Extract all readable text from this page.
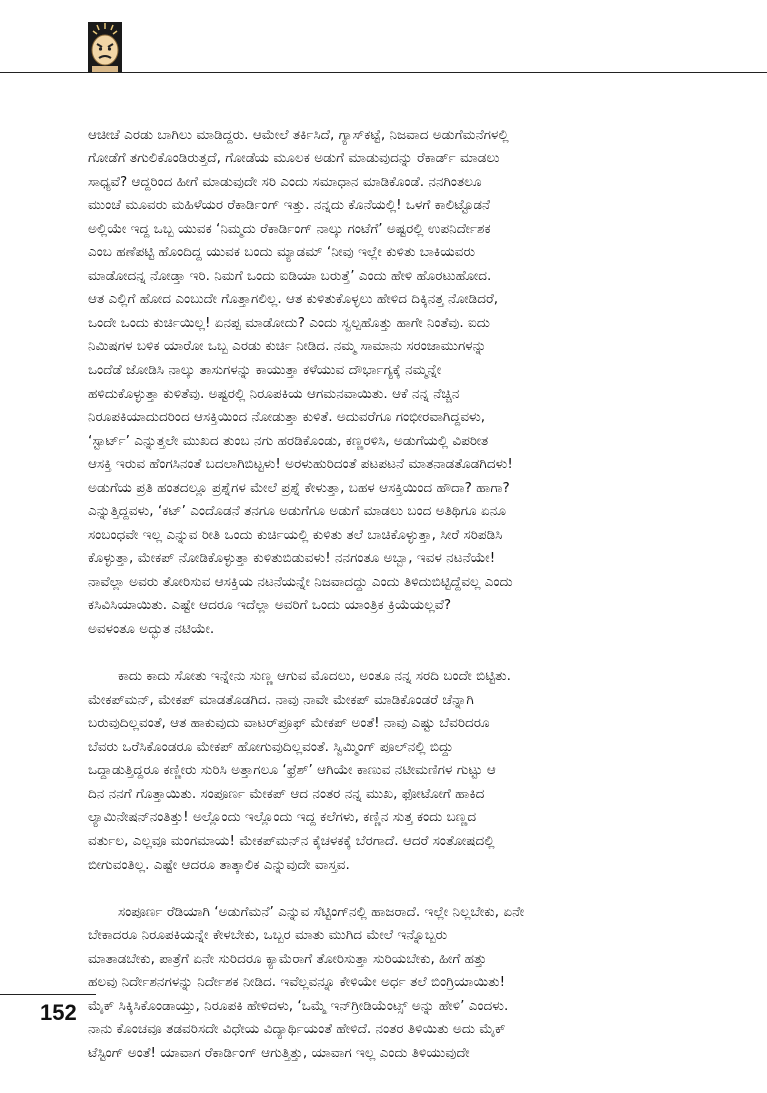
ಆಚೀಚೆ ಎರಡು ಬಾಗಿಲು ಮಾಡಿದ್ದರು. ಆಮೇಲೆ ತರ್ಕಿಸಿದೆ, ಗ್ಯಾಸ್‌ಕಟ್ಟೆ, ನಿಜವಾದ ಅಡುಗೆಮನೆಗಳಲ್ಲಿ
ಗೋಡೆಗೆ ತಗುಲಿಕೊಂಡಿರುತ್ತದೆ, ಗೋಡೆಯ ಮೂಲಕ ಅಡುಗೆ ಮಾಡುವುದನ್ನು ರೆಕಾರ್ಡ್ ಮಾಡಲು
ಸಾಧ್ಯವೆ? ಆದ್ದರಿಂದ ಹೀಗೆ ಮಾಡುವುದೇ ಸರಿ ಎಂದು ಸಮಾಧಾನ ಮಾಡಿಕೊಂಡೆ. ನನಗಿಂತಲೂ
ಮುಂಚೆ ಮೂವರು ಮಹಿಳೆಯರ ರೆಕಾರ್ಡಿಂಗ್ ಇತ್ತು. ನನ್ನದು ಕೊನೆಯಲ್ಲಿ! ಒಳಗೆ ಕಾಲಿಟ್ಟೊಡನೆ
ಅಲ್ಲಿಯೇ ಇದ್ದ ಒಬ್ಬ ಯುವಕ ‘ನಿಮ್ಮದು ರೆಕಾರ್ಡಿಂಗ್ ನಾಲ್ಕು ಗಂಟೆಗೆ’ ಅಷ್ಟರಲ್ಲಿ ಉಪನಿರ್ದೇಶಕ
ಎಂಬ ಹಣೆಪಟ್ಟಿ ಹೊಂದಿದ್ದ ಯುವಕ ಬಂದು ಮ್ಯಾಡಮ್ ‘ನೀವು ಇಲ್ಲೇ ಕುಳಿತು ಬಾಕಿಯವರು
ಮಾಡೋದನ್ನ ನೋಡ್ತಾ ಇರಿ. ನಿಮಗೆ ಒಂದು ಐಡಿಯಾ ಬರುತ್ತೆ’ ಎಂದು ಹೇಳಿ ಹೊರಟುಹೋದ.
ಆತ ಎಲ್ಲಿಗೆ ಹೋದ ಎಂಬುದೇ ಗೊತ್ತಾಗಲಿಲ್ಲ. ಆತ ಕುಳಿತುಕೊಳ್ಳಲು ಹೇಳಿದ ದಿಕ್ಕಿನತ್ತ ನೋಡಿದರೆ,
ಒಂದೇ ಒಂದು ಕುರ್ಚಿಯಿಲ್ಲ! ಏನಪ್ಪ ಮಾಡೋದು? ಎಂದು ಸ್ವಲ್ಪಹೊತ್ತು ಹಾಗೇ ನಿಂತೆವು. ಐದು
ನಿಮಿಷಗಳ ಬಳಿಕ ಯಾರೋ ಒಬ್ಬ ಎರಡು ಕುರ್ಚಿ ನೀಡಿದ. ನಮ್ಮ ಸಾಮಾನು ಸರಂಜಾಮುಗಳನ್ನು
ಒಂದೆಡೆ ಜೋಡಿಸಿ ನಾಲ್ಕು ತಾಸುಗಳನ್ನು ಕಾಯುತ್ತಾ ಕಳೆಯುವ ದೌರ್ಭಾಗ್ಯಕ್ಕೆ ನಮ್ಮನ್ನೇ
ಹಳಿದುಕೊಳ್ಳುತ್ತಾ ಕುಳಿತೆವು. ಅಷ್ಟರಲ್ಲಿ ನಿರೂಪಕಿಯ ಆಗಮನವಾಯಿತು. ಆಕೆ ನನ್ನ ನೆಚ್ಚಿನ
ನಿರೂಪಕಿಯಾದುದರಿಂದ ಆಸಕ್ತಿಯಿಂದ ನೋಡುತ್ತಾ ಕುಳಿತೆ. ಅದುವರೆಗೂ ಗಂಭೀರವಾಗಿದ್ದವಳು,
‘ಸ್ಟಾರ್ಟ್’ ಎನ್ನುತ್ತಲೇ ಮುಖದ ತುಂಬ ನಗು ಹರಡಿಕೊಂಡು, ಕಣ್ಣರಳಿಸಿ, ಅಡುಗೆಯಲ್ಲಿ ವಿಪರೀತ
ಆಸಕ್ತಿ ಇರುವ ಹೆಂಗಸಿನಂತೆ ಬದಲಾಗಿಬಿಟ್ಟಳು! ಅರಳುಹುರಿದಂತೆ ಪಟಪಟನೆ ಮಾತನಾಡತೊಡಗಿದಳು!
ಅಡುಗೆಯ ಪ್ರತಿ ಹಂತದಲ್ಲೂ ಪ್ರಶ್ನೆಗಳ ಮೇಲೆ ಪ್ರಶ್ನೆ ಕೇಳುತ್ತಾ, ಬಹಳ ಆಸಕ್ತಿಯಿಂದ ಹೌದಾ? ಹಾಗಾ?
ಎನ್ನುತ್ತಿದ್ದವಳು, ‘ಕಟ್’ ಎಂದೊಡನೆ ತನಗೂ ಅಡುಗೆಗೂ ಅಡುಗೆ ಮಾಡಲು ಬಂದ ಅತಿಥಿಗೂ ಏನೂ
ಸಂಬಂಧವೇ ಇಲ್ಲ ಎನ್ನುವ ರೀತಿ ಒಂದು ಕುರ್ಚಿಯಲ್ಲಿ ಕುಳಿತು ತಲೆ ಬಾಚಿಕೊಳ್ಳುತ್ತಾ, ಸೀರೆ ಸರಿಪಡಿಸಿ
ಕೊಳ್ಳುತ್ತಾ, ಮೇಕಪ್ ನೋಡಿಕೊಳ್ಳುತ್ತಾ ಕುಳಿತುಬಿಡುವಳು! ನನಗಂತೂ ಅಬ್ಬಾ, ಇವಳ ನಟನೆಯೇ!
ನಾವೆಲ್ಲಾ ಅವರು ತೋರಿಸುವ ಆಸಕ್ತಿಯ ನಟನೆಯನ್ನೇ ನಿಜವಾದದ್ದು ಎಂದು ತಿಳಿದುಬಿಟ್ಟಿದ್ದೆವಲ್ಲ ಎಂದು
ಕಸಿವಿಸಿಯಾಯಿತು. ಎಷ್ಟೇ ಆದರೂ ಇದೆಲ್ಲಾ ಅವರಿಗೆ ಒಂದು ಯಾಂತ್ರಿಕ ಕ್ರಿಯೆಯಲ್ಲವೆ?
ಅವಳಂತೂ ಅದ್ಭುತ ನಟಿಯೇ.

ಕಾದು ಕಾದು ಸೋತು ಇನ್ನೇನು ಸುಣ್ಣ ಆಗುವ ಮೊದಲು, ಅಂತೂ ನನ್ನ ಸರದಿ ಬಂದೇ ಬಿಟ್ಟಿತು.
ಮೇಕಪ್‌ಮನ್, ಮೇಕಪ್ ಮಾಡತೊಡಗಿದ. ನಾವು ನಾವೇ ಮೇಕಪ್ ಮಾಡಿಕೊಂಡರೆ ಚೆನ್ನಾಗಿ
ಬರುವುದಿಲ್ಲವಂತೆ, ಆತ ಹಾಕುವುದು ವಾಟರ್‌ಪ್ರೂಫ್ ಮೇಕಪ್ ಅಂತೆ! ನಾವು ಎಷ್ಟು ಬೆವರಿದರೂ
ಬೆವರು ಒರೆಸಿಕೊಂಡರೂ ಮೇಕಪ್ ಹೋಗುವುದಿಲ್ಲವಂತೆ. ಸ್ವಿಮ್ಮಿಂಗ್ ಪೂಲ್‌ನಲ್ಲಿ ಬಿದ್ದು
ಒದ್ದಾಡುತ್ತಿದ್ದರೂ ಕಣ್ಣೀರು ಸುರಿಸಿ ಅತ್ತಾಗಲೂ ‘ಫ್ರೆಶ್’ ಆಗಿಯೇ ಕಾಣುವ ನಟೀಮಣಿಗಳ ಗುಟ್ಟು ಆ
ದಿನ ನನಗೆ ಗೊತ್ತಾಯಿತು. ಸಂಪೂರ್ಣ ಮೇಕಪ್ ಆದ ನಂತರ ನನ್ನ ಮುಖ, ಫೋಟೋಗೆ ಹಾಕಿದ
ಲ್ಯಾಮಿನೇಷನ್‌ನಂತಿತ್ತು! ಅಲ್ಲೊಂದು ಇಲ್ಲೊಂದು ಇದ್ದ ಕಲೆಗಳು, ಕಣ್ಣಿನ ಸುತ್ತ ಕಂದು ಬಣ್ಣದ
ವರ್ತುಲ, ಎಲ್ಲವೂ ಮಂಗಮಾಯ! ಮೇಕಪ್‌ಮನ್‌ನ ಕೈಚಳಕಕ್ಕೆ ಬೆರಗಾದೆ. ಆದರೆ ಸಂತೋಷದಲ್ಲಿ
ಬೀಗುವಂತಿಲ್ಲ. ಎಷ್ಟೇ ಆದರೂ ತಾತ್ಕಾಲಿಕ ಎನ್ನುವುದೇ ವಾಸ್ತವ.

ಸಂಪೂರ್ಣ ರೆಡಿಯಾಗಿ ‘ಅಡುಗೆಮನೆ’ ಎನ್ನುವ ಸೆಟ್ಟಿಂಗ್‌ನಲ್ಲಿ ಹಾಜರಾದೆ. ಇಲ್ಲೇ ನಿಲ್ಲಬೇಕು, ಏನೇ
ಬೇಕಾದರೂ ನಿರೂಪಕಿಯನ್ನೇ ಕೇಳಬೇಕು, ಒಬ್ಬರ ಮಾತು ಮುಗಿದ ಮೇಲೆ ಇನ್ನೊಬ್ಬರು
ಮಾತಾಡಬೇಕು, ಪಾತ್ರೆಗೆ ಏನೇ ಸುರಿದರೂ ಕ್ಯಾಮೆರಾಗೆ ತೋರಿಸುತ್ತಾ ಸುರಿಯಬೇಕು, ಹೀಗೆ ಹತ್ತು
ಹಲವು ನಿರ್ದೇಶನಗಳನ್ನು ನಿರ್ದೇಶಕ ನೀಡಿದ. ಇವೆಲ್ಲವನ್ನೂ ಕೇಳಿಯೇ ಅರ್ಧ ತಲೆ ಬಿಂಗ್ರಿಯಾಯಿತು!
ಮೈಕ್ ಸಿಕ್ಕಿಸಿಕೊಂಡಾಯ್ತು, ನಿರೂಪಕಿ ಹೇಳಿದಳು, ‘ಒಮ್ಮೆ ಇನ್‌ಗ್ರೀಡಿಯೆಂಟ್ಸ್ ಅನ್ನು ಹೇಳಿ’ ಎಂದಳು.
ನಾನು ಕೊಂಚವೂ ತಡವರಿಸದೇ ವಿಧೇಯ ವಿದ್ಯಾರ್ಥಿಯಂತೆ ಹೇಳಿದೆ. ನಂತರ ತಿಳಿಯಿತು ಅದು ಮೈಕ್
ಟೆಸ್ಟಿಂಗ್ ಅಂತೆ! ಯಾವಾಗ ರೆಕಾರ್ಡಿಂಗ್ ಆಗುತ್ತಿತ್ತು, ಯಾವಾಗ ಇಲ್ಲ ಎಂದು ತಿಳಿಯುವುದೇ

152
